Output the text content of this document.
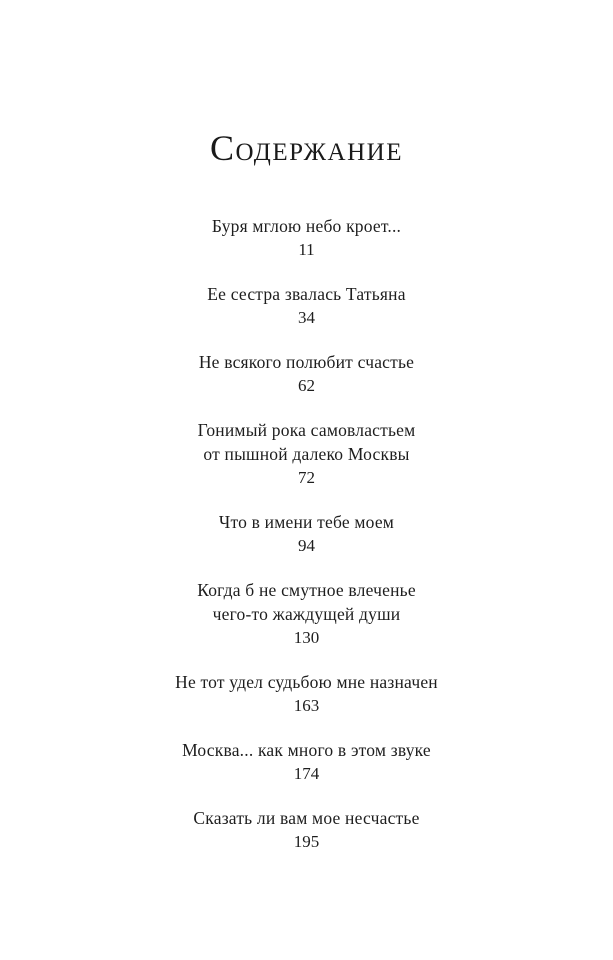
Содержание
Буря мглою небо кроет...
11
Ее сестра звалась Татьяна
34
Не всякого полюбит счастье
62
Гонимый рока самовластьем
от пышной далеко Москвы
72
Что в имени тебе моем
94
Когда б не смутное влеченье
чего-то жаждущей души
130
Не тот удел судьбою мне назначен
163
Москва... как много в этом звуке
174
Сказать ли вам мое несчастье
195
